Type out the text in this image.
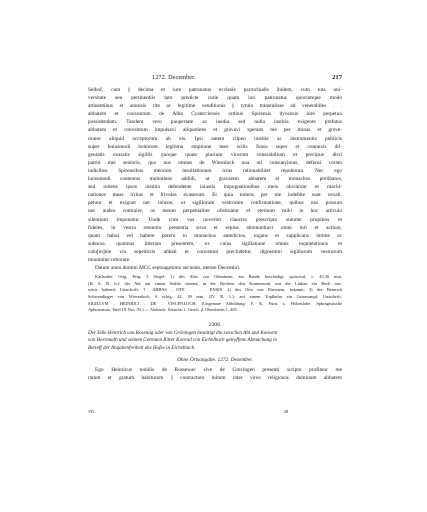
1272. December.	217
Selhof, cum || decima et iure patronatus ecclesie parrochialis ibidem, cum tota uni-
versitate seu pertinentiis tam predicte curie quam iuri patronatus quocumque modo
attinentibus et annexis rite ac legitime venditionis || tytulo transtulisse ad venerabiles . .
abbatem et conventum de Alba Cysterciensis ordinis Spirensis dyocesis iure perpetuo
possidendam. Tandem vero paupertate ac inedia sed nulla iustitia exigente prefatos
abbatem et conventum impulsavi aliquotiens et gravavi sperans me per minas et grave-
tiones aliquid acceptorum ab eis. Ipsi autem clipeo iustitie ac instrumentis publicis
super huiusmodi bonorum legitima emptione meo scilic fuasu super et connexis dil-
gentatis exaratis sigillis quoque quam plurium virorum venerabilium et precipue dicti
patrui mei senioris, quo nos omnes de Wiesnloch una uti consuevimus, defensi coram
iudicibus Spirensibus meorum insultationum ictus rationabiliter repulerunt. Nec ego
huiusmodi contentus multotiens addidi, ut gravarem abbatem et monachos prelibatos,
sed totiens ipsos iustitia defendente iniustis impugnationibus meis obviarunt et machi-
nationes meas irritas et frivolas evaserunt. Et quia totiens per me indebite sunt vexati,
petunt et exigunt nec iniuste, ut sigillorum vestrorum confirmatione, quibus nos possum
nec audeo contraire, os meum perpetualiter obstruatur et eternum mihi in hoc articulo
silentium imponatur. Unde cum vos noverim clauctro prescripto summe propitios et
fideles, in vestra renuntio presentia sicut et sepius abrenuntiavi omni iuri et actioni,
quam habui vel habere potero in monachos antedictos, rogans et supplicans intime ac
subnixe, quatinus litteram presentem, ex cuius sigillatione omnis inquietationis et
calu[m]nie via sepedictis abbati et conventui precludetur, dignemini sigillorum vestrorum
munimine roborare.
Datum anno domini MCC septuagesimo secundo, mense Decembri.
Karlsruhe. Orig. Perg. 3 Siegel: 1) des Abts von Odenheim, am Rande beschädigt, spitzoval, c. 45,36 mm,
(H. A. B. b.): der Abt auf einem Stuhle sitzend, in der Rechten den Krummstab, mit der Linken ein Buch aus-
wärts haltend; Umschrift: † ABBAS . OTE . . . . ENSIS. 2) des Otto von Eberstein, bekannt; 3) des Heinrich
Schwendinger von Wiesenloch, 6 eckig, 42, 39 mm, (IV. B. 1.): auf einem Topfhelm ein Geierrumpf; Umschrift:
SIGILLVM . HEINRICI . DE . VISCENLOCH. (Ungenaue Abbildung: F. K. Fürst z. Hohenlohe, Sphragistische
Aphorismen, Tafel IX Nro. 92.) — Abdruck: Zeitschr. f. Gesch. d. Oberrheins 1, 483.
2308.
Der Edle Heinrich von Rosenag oder von Gröningen bestätigt die zwischen Abt und Konvent
von Herrenalb und seinem Getreuen Ritter Konrad von Eichelbach getroffene Abmachung in
Betreff der Abgabenfreiheit des Hofes in Eichelbach.
Ohne Ortsangabe. 1272. Dezember.
Ego Heinricus nobilis de Rossewac sive de Grecingen presenti scripto profiteor me
ratum et gratum habiturum || contractum initum inter viros religiosos dominum abbatem
VII.	28
